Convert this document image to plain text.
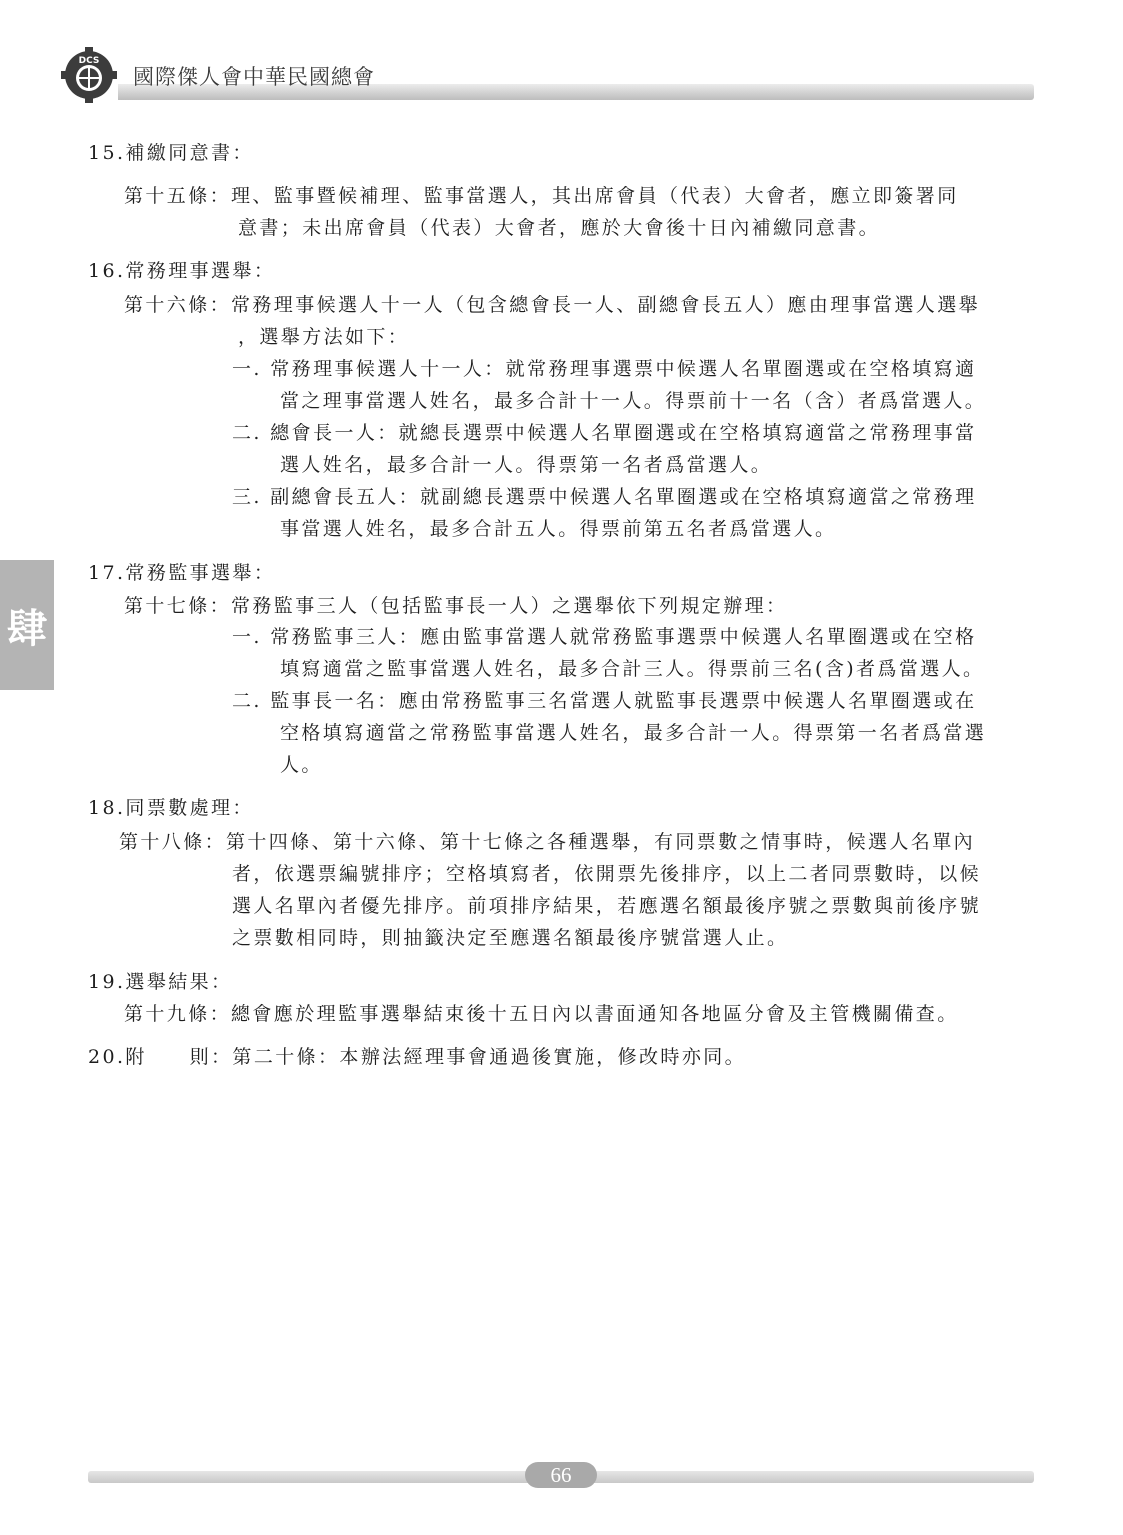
DCS
國際傑人會中華民國總會
肆

15.補繳同意書：

第十五條：理、監事暨候補理、監事當選人，其出席會員（代表）大會者，應立即簽署同

意書；未出席會員（代表）大會者，應於大會後十日內補繳同意書。

16.常務理事選舉：

第十六條：常務理事候選人十一人（包含總會長一人、副總會長五人）應由理事當選人選舉

，選舉方法如下：

一. 常務理事候選人十一人：就常務理事選票中候選人名單圈選或在空格填寫適

當之理事當選人姓名，最多合計十一人。得票前十一名（含）者爲當選人。

二. 總會長一人：就總長選票中候選人名單圈選或在空格填寫適當之常務理事當

選人姓名，最多合計一人。得票第一名者爲當選人。

三. 副總會長五人：就副總長選票中候選人名單圈選或在空格填寫適當之常務理

事當選人姓名，最多合計五人。得票前第五名者爲當選人。

17.常務監事選舉：

第十七條：常務監事三人（包括監事長一人）之選舉依下列規定辦理：

一. 常務監事三人：應由監事當選人就常務監事選票中候選人名單圈選或在空格

填寫適當之監事當選人姓名，最多合計三人。得票前三名(含)者爲當選人。

二. 監事長一名：應由常務監事三名當選人就監事長選票中候選人名單圈選或在

空格填寫適當之常務監事當選人姓名，最多合計一人。得票第一名者爲當選

人。

18.同票數處理：

第十八條：第十四條、第十六條、第十七條之各種選舉，有同票數之情事時，候選人名單內

者，依選票編號排序；空格填寫者，依開票先後排序，以上二者同票數時，以候

選人名單內者優先排序。前項排序結果，若應選名額最後序號之票數與前後序號

之票數相同時，則抽籤決定至應選名額最後序號當選人止。

19.選舉結果：

第十九條：總會應於理監事選舉結束後十五日內以書面通知各地區分會及主管機關備查。

20.附　　則：第二十條：本辦法經理事會通過後實施，修改時亦同。

66
